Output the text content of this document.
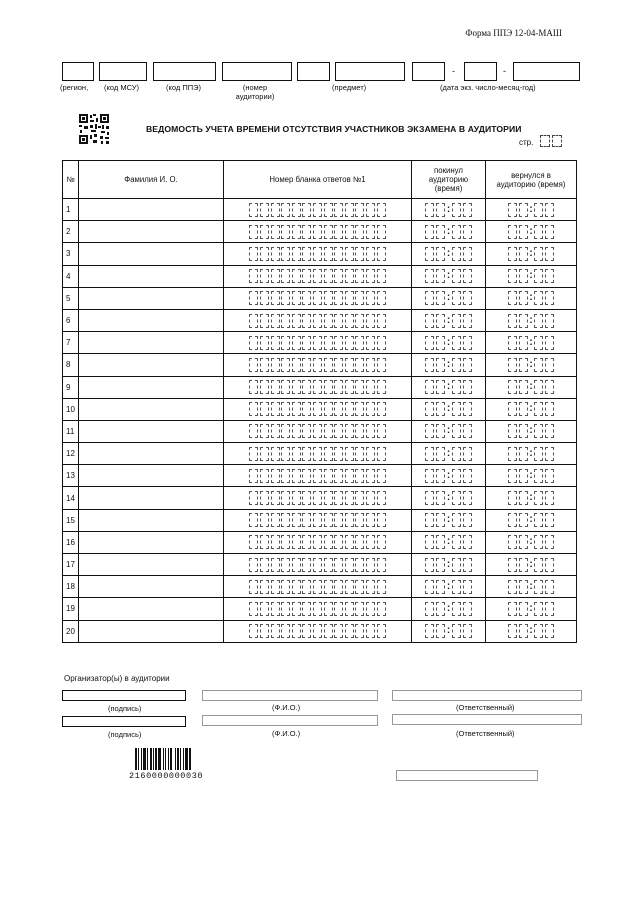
Форма ППЭ 12-04-МАШ
-	-
(регион, (код МСУ)	(код ППЭ)	(номер аудитории)
(предмет)	(дата экз. число-месяц-год)
ВЕДОМОСТЬ УЧЕТА ВРЕМЕНИ ОТСУТСТВИЯ УЧАСТНИКОВ ЭКЗАМЕНА В АУДИТОРИИ
стр.
№	Фамилия И. О.	Номер бланка ответов №1	покинул аудиторию (время)	вернулся в аудиторию (время)
1			:	:

2			:	:

3			:	:

4			:	:

5			:	:

6			:	:

7			:	:

8			:	:

9			:	:

10			:	:

11			:	:

12			:	:

13			:	:

14			:	:

15			:	:

16			:	:

17			:	:

18			:	:

19			:	:

20			:	:
Организатор(ы) в аудитории
(подпись)	(Ф.И.О.)	(Ответственный)
(подпись)	(Ф.И.О.)	(Ответственный)
2160000000030
